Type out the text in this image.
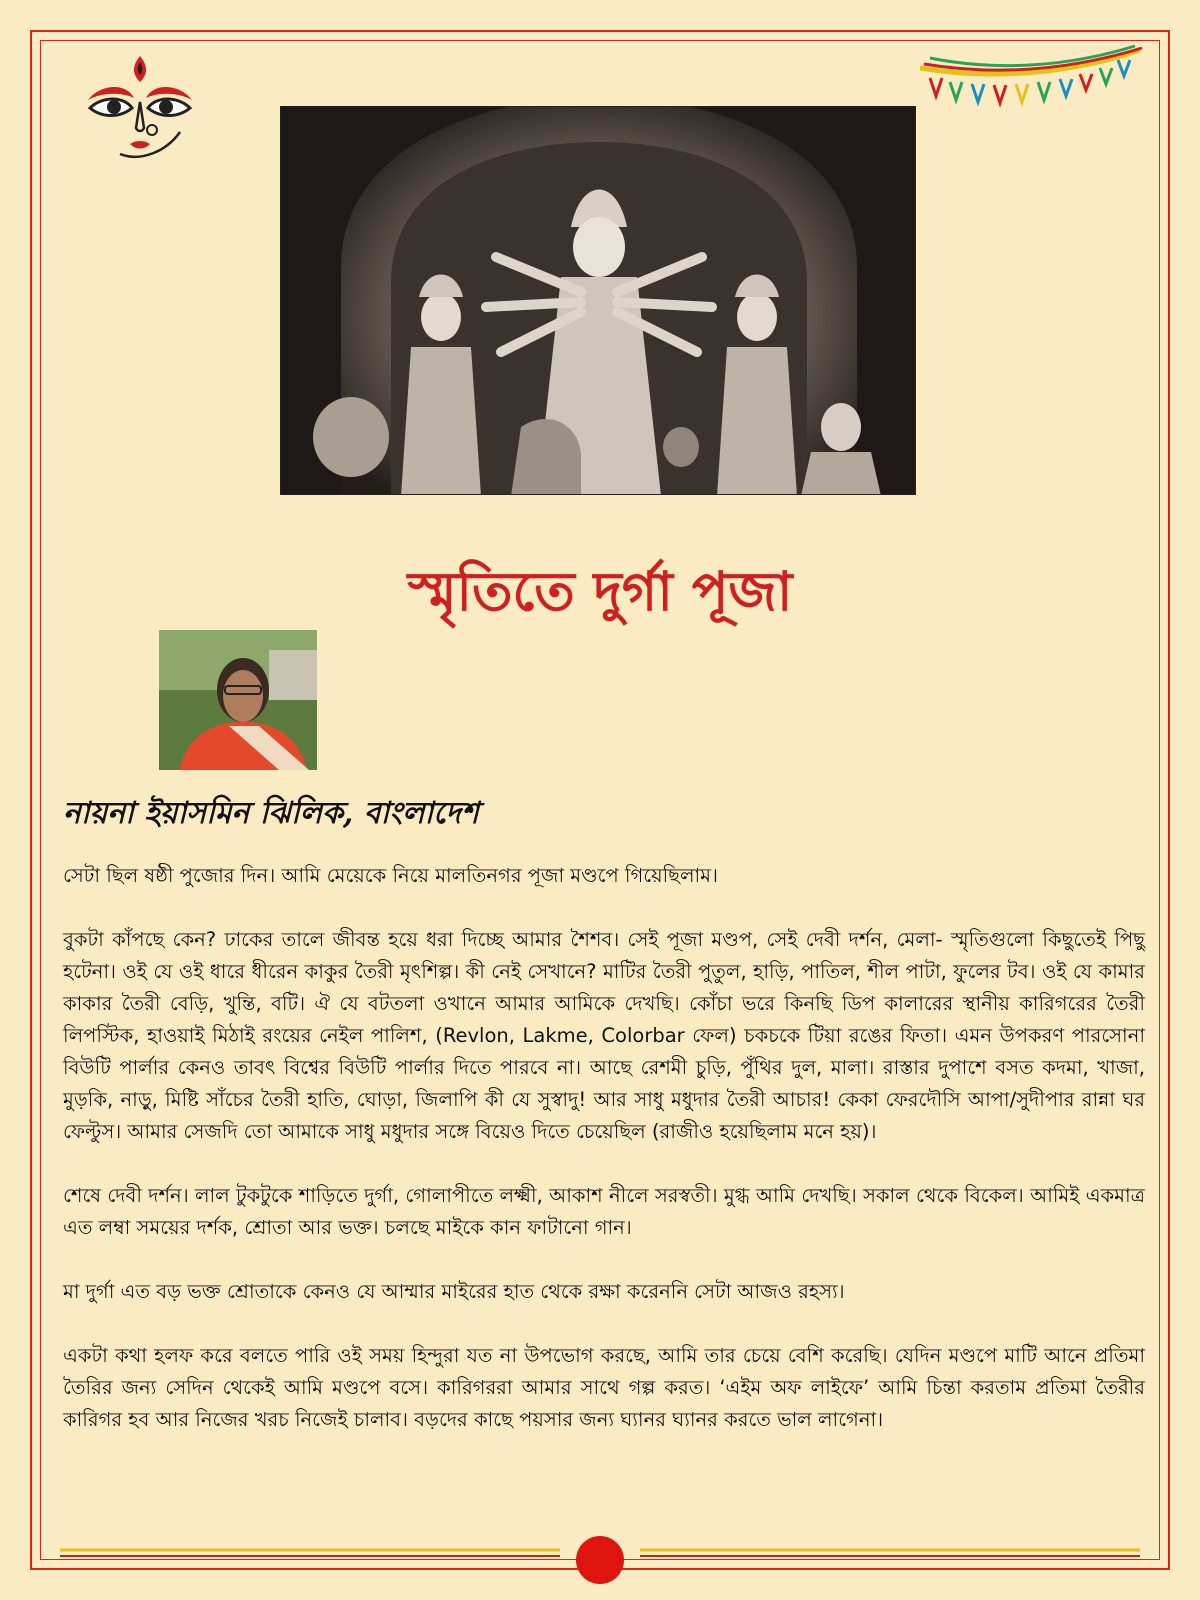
স্মৃতিতে দুর্গা পূজা
নায়না ইয়াসমিন ঝিলিক, বাংলাদেশ

সেটা ছিল ষষ্ঠী পুজোর দিন। আমি মেয়েকে নিয়ে মালতিনগর পূজা মণ্ডপে গিয়েছিলাম।

বুকটা কাঁপছে কেন? ঢাকের তালে জীবন্ত হয়ে ধরা দিচ্ছে আমার শৈশব। সেই পূজা মণ্ডপ, সেই দেবী দর্শন, মেলা- স্মৃতিগুলো কিছুতেই পিছু হটেনা। ওই যে ওই ধারে ধীরেন কাকুর তৈরী মৃৎশিল্প। কী নেই সেখানে? মাটির তৈরী পুতুল, হাড়ি, পাতিল, শীল পাটা, ফুলের টব। ওই যে কামার কাকার তৈরী বেড়ি, খুন্তি, বটি। ঐ যে বটতলা ওখানে আমার আমিকে দেখছি। কোঁচা ভরে কিনছি ডিপ কালারের স্থানীয় কারিগরের তৈরী লিপস্টিক, হাওয়াই মিঠাই রংয়ের নেইল পালিশ, (Revlon, Lakme, Colorbar ফেল) চকচকে টিয়া রঙের ফিতা। এমন উপকরণ পারসোনা বিউটি পার্লার কেনও তাবৎ বিশ্বের বিউটি পার্লার দিতে পারবে না। আছে রেশমী চুড়ি, পুঁথির দুল, মালা। রাস্তার দুপাশে বসত কদমা, খাজা, মুড়কি, নাড়ু, মিষ্টি সাঁচের তৈরী হাতি, ঘোড়া, জিলাপি কী যে সুস্বাদু! আর সাধু মধুদার তৈরী আচার! কেকা ফেরদৌসি আপা/সুদীপার রান্না ঘর ফেল্টুস। আমার সেজদি তো আমাকে সাধু মধুদার সঙ্গে বিয়েও দিতে চেয়েছিল (রাজীও হয়েছিলাম মনে হয়)।

শেষে দেবী দর্শন। লাল টুকটুকে শাড়িতে দুর্গা, গোলাপীতে লক্ষ্মী, আকাশ নীলে সরস্বতী। মুগ্ধ আমি দেখছি। সকাল থেকে বিকেল। আমিই একমাত্র এত লম্বা সময়ের দর্শক, শ্রোতা আর ভক্ত। চলছে মাইকে কান ফাটানো গান।

মা দুর্গা এত বড় ভক্ত শ্রোতাকে কেনও যে আম্মার মাইরের হাত থেকে রক্ষা করেননি সেটা আজও রহস্য।

একটা কথা হলফ করে বলতে পারি ওই সময় হিন্দুরা যত না উপভোগ করছে, আমি তার চেয়ে বেশি করেছি। যেদিন মণ্ডপে মাটি আনে প্রতিমা তৈরির জন্য সেদিন থেকেই আমি মণ্ডপে বসে। কারিগররা আমার সাথে গল্প করত। ‘এইম অফ লাইফে’ আমি চিন্তা করতাম প্রতিমা তৈরীর কারিগর হব আর নিজের খরচ নিজেই চালাব। বড়দের কাছে পয়সার জন্য ঘ্যানর ঘ্যানর করতে ভাল লাগেনা।
